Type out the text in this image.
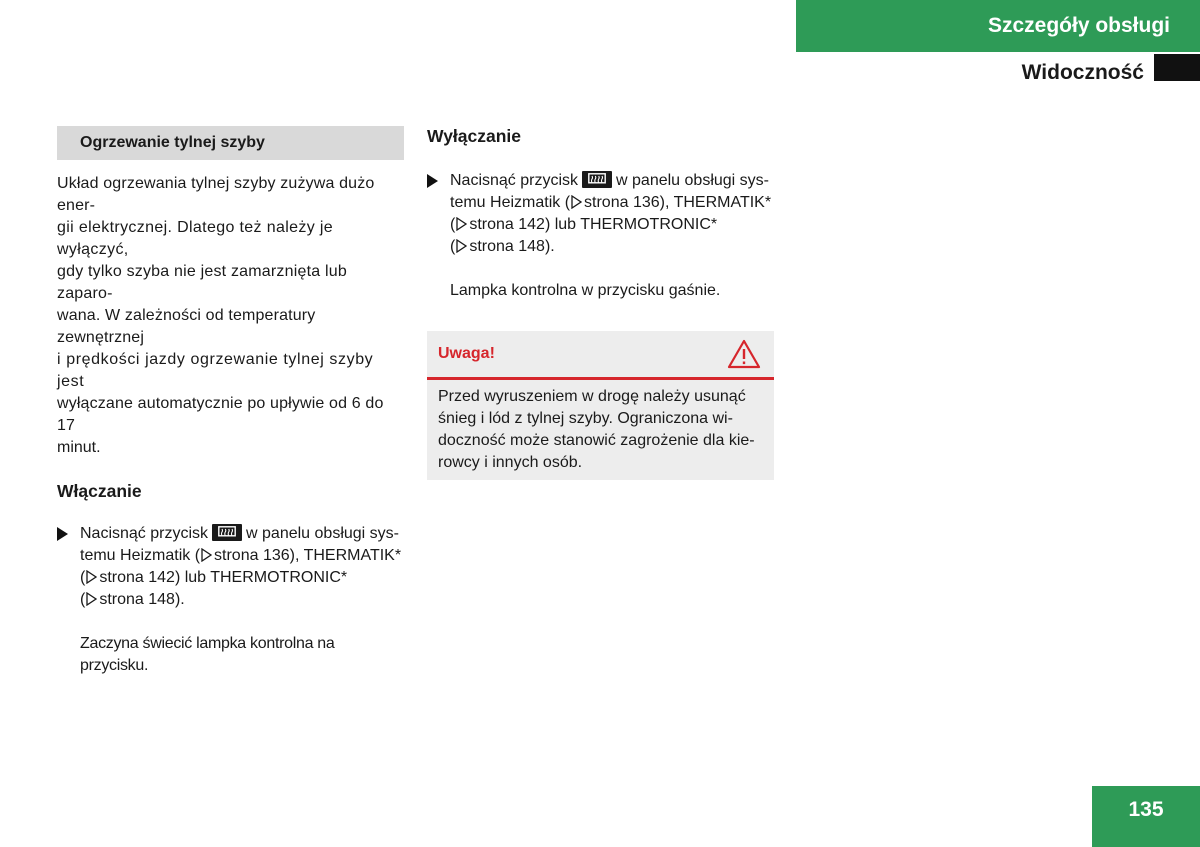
Szczegóły obsługi
Widoczność
Ogrzewanie tylnej szyby

Układ ogrzewania tylnej szyby zużywa dużo ener-

gii elektrycznej. Dlatego też należy je wyłączyć,

gdy tylko szyba nie jest zamarznięta lub zaparo-

wana. W zależności od temperatury zewnętrznej

i prędkości jazdy ogrzewanie tylnej szyby jest

wyłączane automatycznie po upływie od 6 do 17

minut.

Włączanie

Nacisnąć przycisk w panelu obsługi sys-
temu Heizmatik ( strona 136), THERMATIK*
( strona 142) lub THERMOTRONIC*
( strona 148).

Zaczyna świecić lampka kontrolna na przycisku.

Wyłączanie

Nacisnąć przycisk w panelu obsługi sys-
temu Heizmatik ( strona 136), THERMATIK*
( strona 142) lub THERMOTRONIC*
( strona 148).

Lampka kontrolna w przycisku gaśnie.

Uwaga!
Przed wyruszeniem w drogę należy usunąć
śnieg i lód z tylnej szyby. Ograniczona wi-
doczność może stanowić zagrożenie dla kie-
rowcy i innych osób.
135
